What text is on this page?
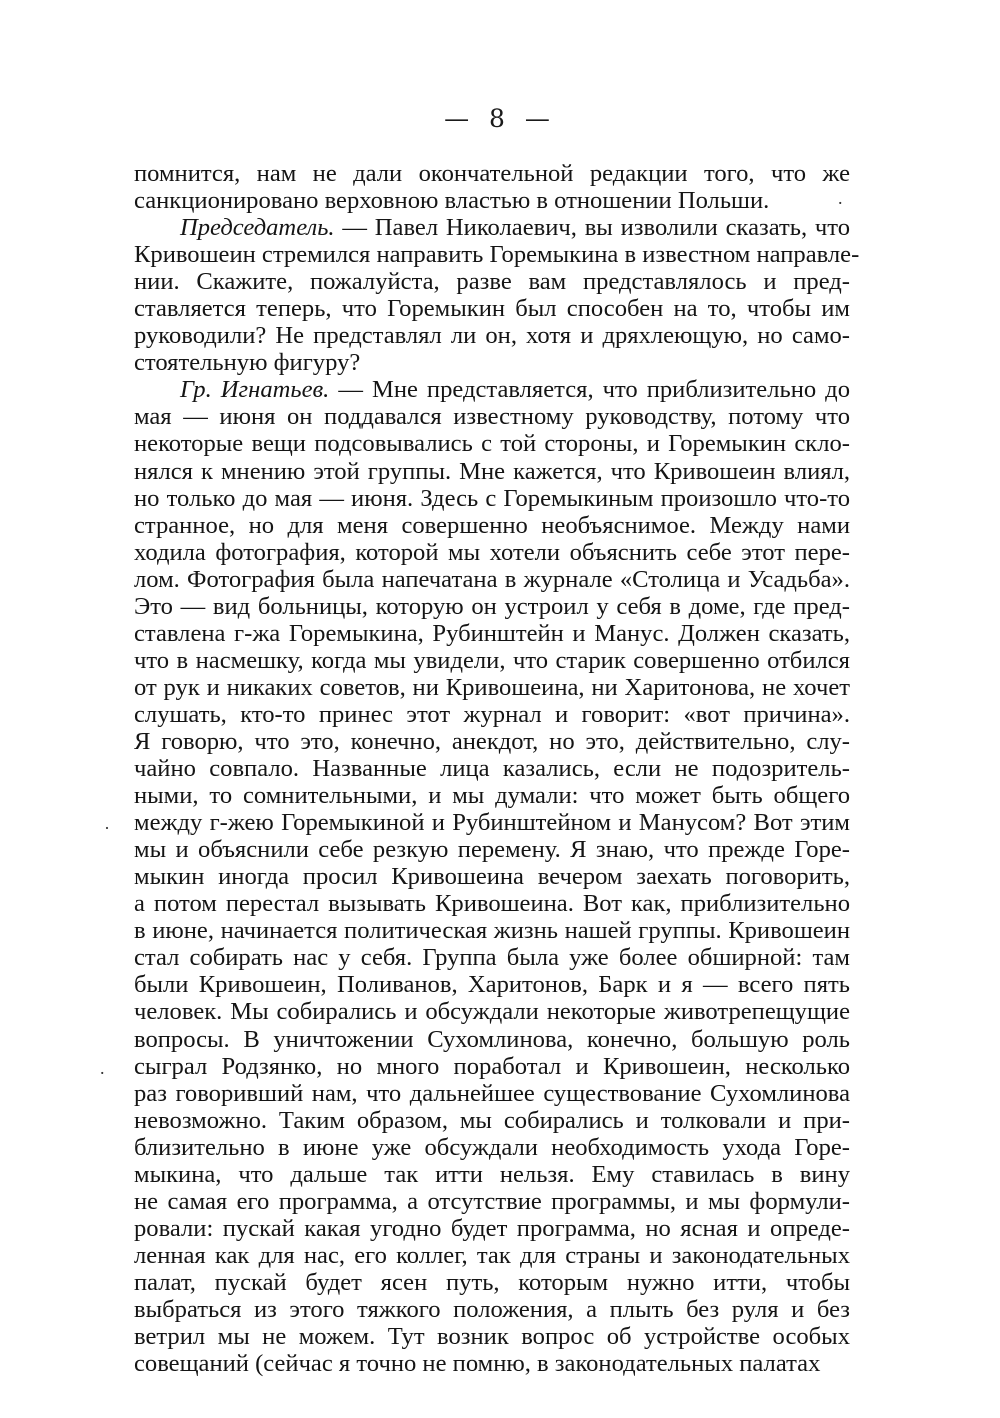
— 8 —
помнится, нам не дали окончательной редакции того, что же
санкционировано верховною властью в отношении Польши.
Председатель. — Павел Николаевич, вы изволили сказать, что
Кривошеин стремился направить Горемыкина в известном направле-
нии. Скажите, пожалуйста, разве вам представлялось и пред-
ставляется теперь, что Горемыкин был способен на то, чтобы им
руководили? Не представлял ли он, хотя и дряхлеющую, но само-
стоятельную фигуру?
Гр. Игнатьев. — Мне представляется, что приблизительно до
мая — июня он поддавался известному руководству, потому что
некоторые вещи подсовывались с той стороны, и Горемыкин скло-
нялся к мнению этой группы. Мне кажется, что Кривошеин влиял,
но только до мая — июня. Здесь с Горемыкиным произошло что-то
странное, но для меня совершенно необъяснимое. Между нами
ходила фотография, которой мы хотели объяснить себе этот пере-
лом. Фотография была напечатана в журнале «Столица и Усадьба».
Это — вид больницы, которую он устроил у себя в доме, где пред-
ставлена г-жа Горемыкина, Рубинштейн и Манус. Должен сказать,
что в насмешку, когда мы увидели, что старик совершенно отбился
от рук и никаких советов, ни Кривошеина, ни Харитонова, не хочет
слушать, кто-то принес этот журнал и говорит: «вот причина».
Я говорю, что это, конечно, анекдот, но это, действительно, слу-
чайно совпало. Названные лица казались, если не подозритель-
ными, то сомнительными, и мы думали: что может быть общего
между г-жею Горемыкиной и Рубинштейном и Манусом? Вот этим
мы и объяснили себе резкую перемену. Я знаю, что прежде Горе-
мыкин иногда просил Кривошеина вечером заехать поговорить,
а потом перестал вызывать Кривошеина. Вот как, приблизительно
в июне, начинается политическая жизнь нашей группы. Кривошеин
стал собирать нас у себя. Группа была уже более обширной: там
были Кривошеин, Поливанов, Харитонов, Барк и я — всего пять
человек. Мы собирались и обсуждали некоторые животрепещущие
вопросы. В уничтожении Сухомлинова, конечно, большую роль
сыграл Родзянко, но много поработал и Кривошеин, несколько
раз говоривший нам, что дальнейшее существование Сухомлинова
невозможно. Таким образом, мы собирались и толковали и при-
близительно в июне уже обсуждали необходимость ухода Горе-
мыкина, что дальше так итти нельзя. Ему ставилась в вину
не самая его программа, а отсутствие программы, и мы формули-
ровали: пускай какая угодно будет программа, но ясная и опреде-
ленная как для нас, его коллег, так для страны и законодательных
палат, пускай будет ясен путь, которым нужно итти, чтобы
выбраться из этого тяжкого положения, а плыть без руля и без
ветрил мы не можем. Тут возник вопрос об устройстве особых
совещаний (сейчас я точно не помню, в законодательных палатах
·
.
.
